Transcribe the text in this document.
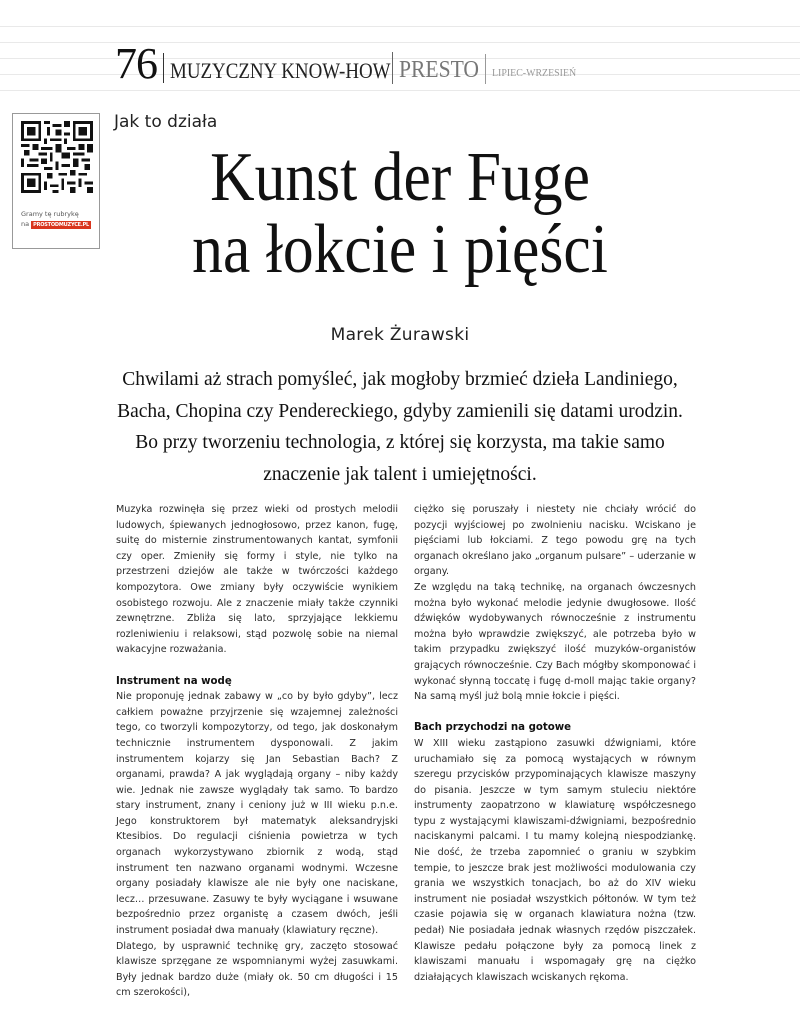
76 MUZYCZNY KNOW-HOW PRESTO LIPIEC-WRZESIEŃ
Gramy tę rubrykę
na PROSTODMUZYCE.PL
Jak to działa
Kunst der Fuge
na łokcie i pięści
Marek Żurawski
Chwilami aż strach pomyśleć, jak mogłoby brzmieć dzieła Landiniego, Bacha, Chopina czy Pendereckiego, gdyby zamienili się datami urodzin. Bo przy tworzeniu technologia, z której się korzysta, ma takie samo znaczenie jak talent i umiejętności.

Muzyka rozwinęła się przez wieki od prostych melodii ludowych, śpiewanych jednogłosowo, przez kanon, fugę, suitę do misternie zinstrumentowanych kantat, symfonii czy oper. Zmieniły się formy i style, nie tylko na przestrzeni dziejów ale także w twórczości każdego kompozytora. Owe zmiany były oczywiście wynikiem osobistego rozwoju. Ale z znaczenie miały także czynniki zewnętrzne. Zbliża się lato, sprzyjające lekkiemu rozleniwieniu i relaksowi, stąd pozwolę sobie na niemal wakacyjne rozważania.

Instrument na wodę

Nie proponuję jednak zabawy w „co by było gdyby”, lecz całkiem poważne przyjrzenie się wzajemnej zależności tego, co tworzyli kompozytorzy, od tego, jak doskonałym technicznie instrumentem dysponowali. Z jakim instrumentem kojarzy się Jan Sebastian Bach? Z organami, prawda? A jak wyglądają organy – niby każdy wie. Jednak nie zawsze wyglądały tak samo. To bardzo stary instrument, znany i ceniony już w III wieku p.n.e. Jego konstruktorem był matematyk aleksandryjski Ktesibios. Do regulacji ciśnienia powietrza w tych organach wykorzystywano zbiornik z wodą, stąd instrument ten nazwano organami wodnymi. Wczesne organy posiadały klawisze ale nie były one naciskane, lecz… przesuwane. Zasuwy te były wyciągane i wsuwane bezpośrednio przez organistę a czasem dwóch, jeśli instrument posiadał dwa manuały (klawiatury ręczne).

Dlatego, by usprawnić technikę gry, zaczęto stosować klawisze sprzęgane ze wspomnianymi wyżej zasuwkami. Były jednak bardzo duże (miały ok. 50 cm długości i 15 cm szerokości),

ciężko się poruszały i niestety nie chciały wrócić do pozycji wyjściowej po zwolnieniu nacisku. Wciskano je pięściami lub łokciami. Z tego powodu grę na tych organach określano jako „organum pulsare” – uderzanie w organy.

Ze względu na taką technikę, na organach ówczesnych można było wykonać melodie jedynie dwugłosowe. Ilość dźwięków wydobywanych równocześnie z instrumentu można było wprawdzie zwiększyć, ale potrzeba było w takim przypadku zwiększyć ilość muzyków-organistów grających równocześnie. Czy Bach mógłby skomponować i wykonać słynną toccatę i fugę d-moll mając takie organy? Na samą myśl już bolą mnie łokcie i pięści.

Bach przychodzi na gotowe

W XIII wieku zastąpiono zasuwki dźwigniami, które uruchamiało się za pomocą wystających w równym szeregu przycisków przypominających klawisze maszyny do pisania. Jeszcze w tym samym stuleciu niektóre instrumenty zaopatrzono w klawiaturę współczesnego typu z wystającymi klawiszami-dźwigniami, bezpośrednio naciskanymi palcami. I tu mamy kolejną niespodziankę. Nie dość, że trzeba zapomnieć o graniu w szybkim tempie, to jeszcze brak jest możliwości modulowania czy grania we wszystkich tonacjach, bo aż do XIV wieku instrument nie posiadał wszystkich półtonów. W tym też czasie pojawia się w organach klawiatura nożna (tzw. pedał) Nie posiadała jednak własnych rzędów piszczałek. Klawisze pedału połączone były za pomocą linek z klawiszami manuału i wspomagały grę na ciężko działających klawiszach wciskanych rękoma.
